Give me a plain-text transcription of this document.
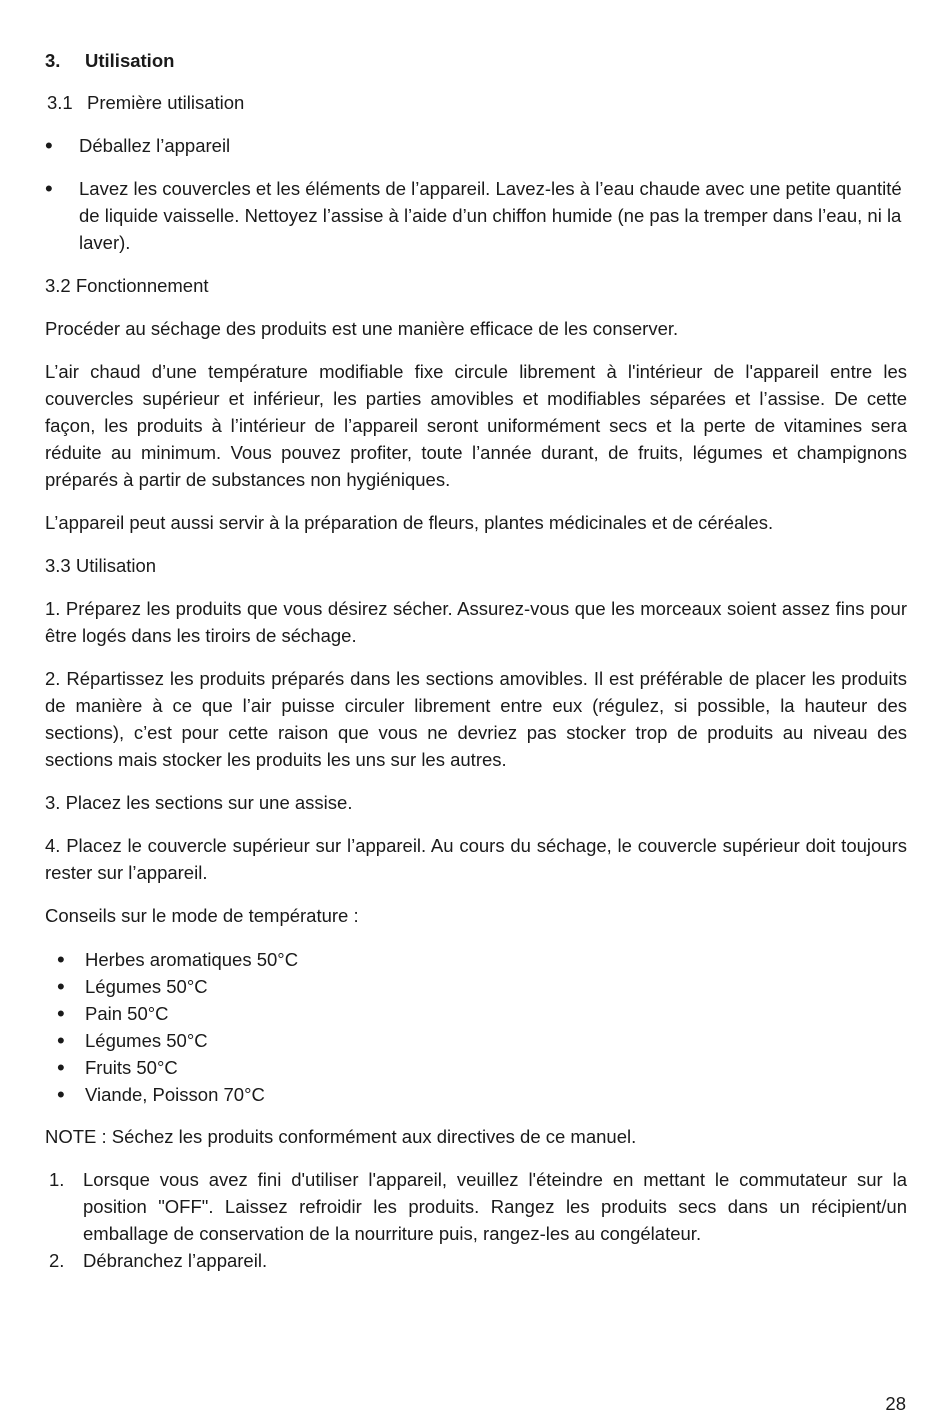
3.	Utilisation
3.1 Première utilisation
• Déballez l’appareil
• Lavez les couvercles et les éléments de l’appareil. Lavez-les à l’eau chaude avec une petite quantité de liquide vaisselle. Nettoyez l’assise à l’aide d’un chiffon humide (ne pas la tremper dans l’eau, ni la laver).
3.2 Fonctionnement

Procéder au séchage des produits est une manière efficace de les conserver.

L’air chaud d’une température modifiable fixe circule librement à l'intérieur de l'appareil entre les couvercles supérieur et inférieur, les parties amovibles et modifiables séparées et l’assise. De cette façon, les produits à l’intérieur de l’appareil seront uniformément secs et la perte de vitamines sera réduite au minimum. Vous pouvez profiter, toute l’année durant, de fruits, légumes et champignons préparés à partir de substances non hygiéniques.

L’appareil peut aussi servir à la préparation de fleurs, plantes médicinales et de céréales.

3.3 Utilisation

1. Préparez les produits que vous désirez sécher. Assurez-vous que les morceaux soient assez fins pour être logés dans les tiroirs de séchage.

2. Répartissez les produits préparés dans les sections amovibles. Il est préférable de placer les produits de manière à ce que l’air puisse circuler librement entre eux (régulez, si possible, la hauteur des sections), c’est pour cette raison que vous ne devriez pas stocker trop de produits au niveau des sections mais stocker les produits les uns sur les autres.

3. Placez les sections sur une assise.

4. Placez le couvercle supérieur sur l’appareil. Au cours du séchage, le couvercle supérieur doit toujours rester sur l’appareil.

Conseils sur le mode de température :

• Herbes aromatiques 50°C
• Légumes 50°C
• Pain 50°C
• Légumes 50°C
• Fruits 50°C
• Viande, Poisson 70°C

NOTE : Séchez les produits conformément aux directives de ce manuel.

1. Lorsque vous avez fini d'utiliser l'appareil, veuillez l'éteindre en mettant le commutateur sur la position "OFF". Laissez refroidir les produits. Rangez les produits secs dans un récipient/un emballage de conservation de la nourriture puis, rangez-les au congélateur.
2. Débranchez l’appareil.
28
